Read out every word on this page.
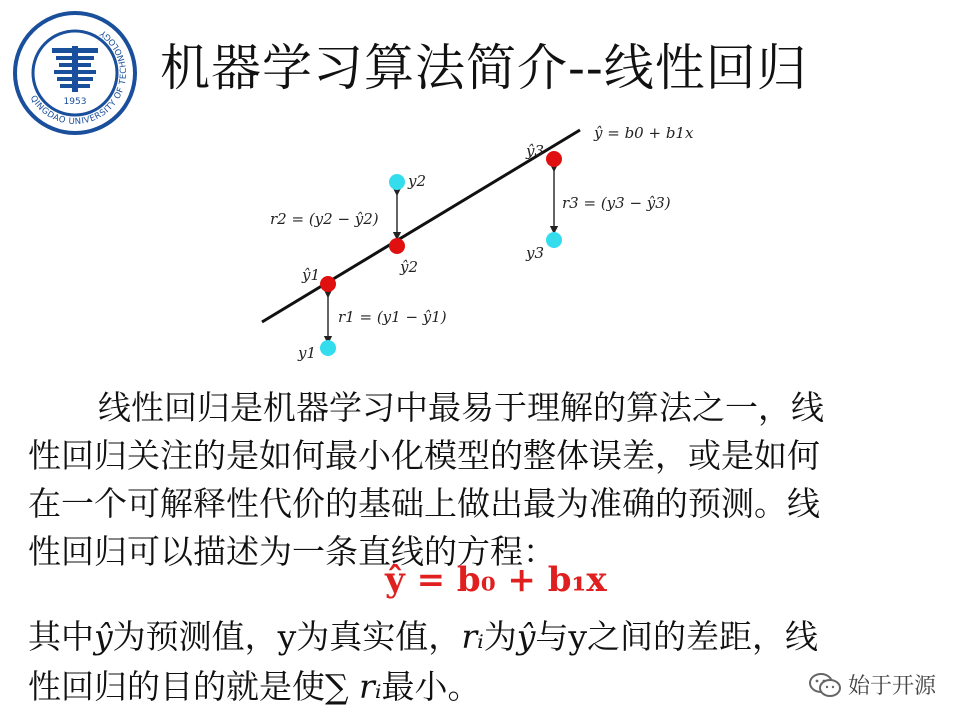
QINGDAO UNIVERSITY OF TECHNOLOGY
1953
机器学习算法简介--线性回归
ŷ = b0 + b1x
ŷ3
y2
r2 = (y2 − ŷ2)
r3 = (y3 − ŷ3)
ŷ2
y3
ŷ1
r1 = (y1 − ŷ1)
y1
线性回归是机器学习中最易于理解的算法之一，线
性回归关注的是如何最小化模型的整体误差，或是如何
在一个可解释性代价的基础上做出最为准确的预测。线
性回归可以描述为一条直线的方程：
ŷ = b₀ + b₁x
其中ŷ为预测值，y为真实值，rᵢ为ŷ与y之间的差距，线
性回归的目的就是使∑ rᵢ最小。	始于开源
